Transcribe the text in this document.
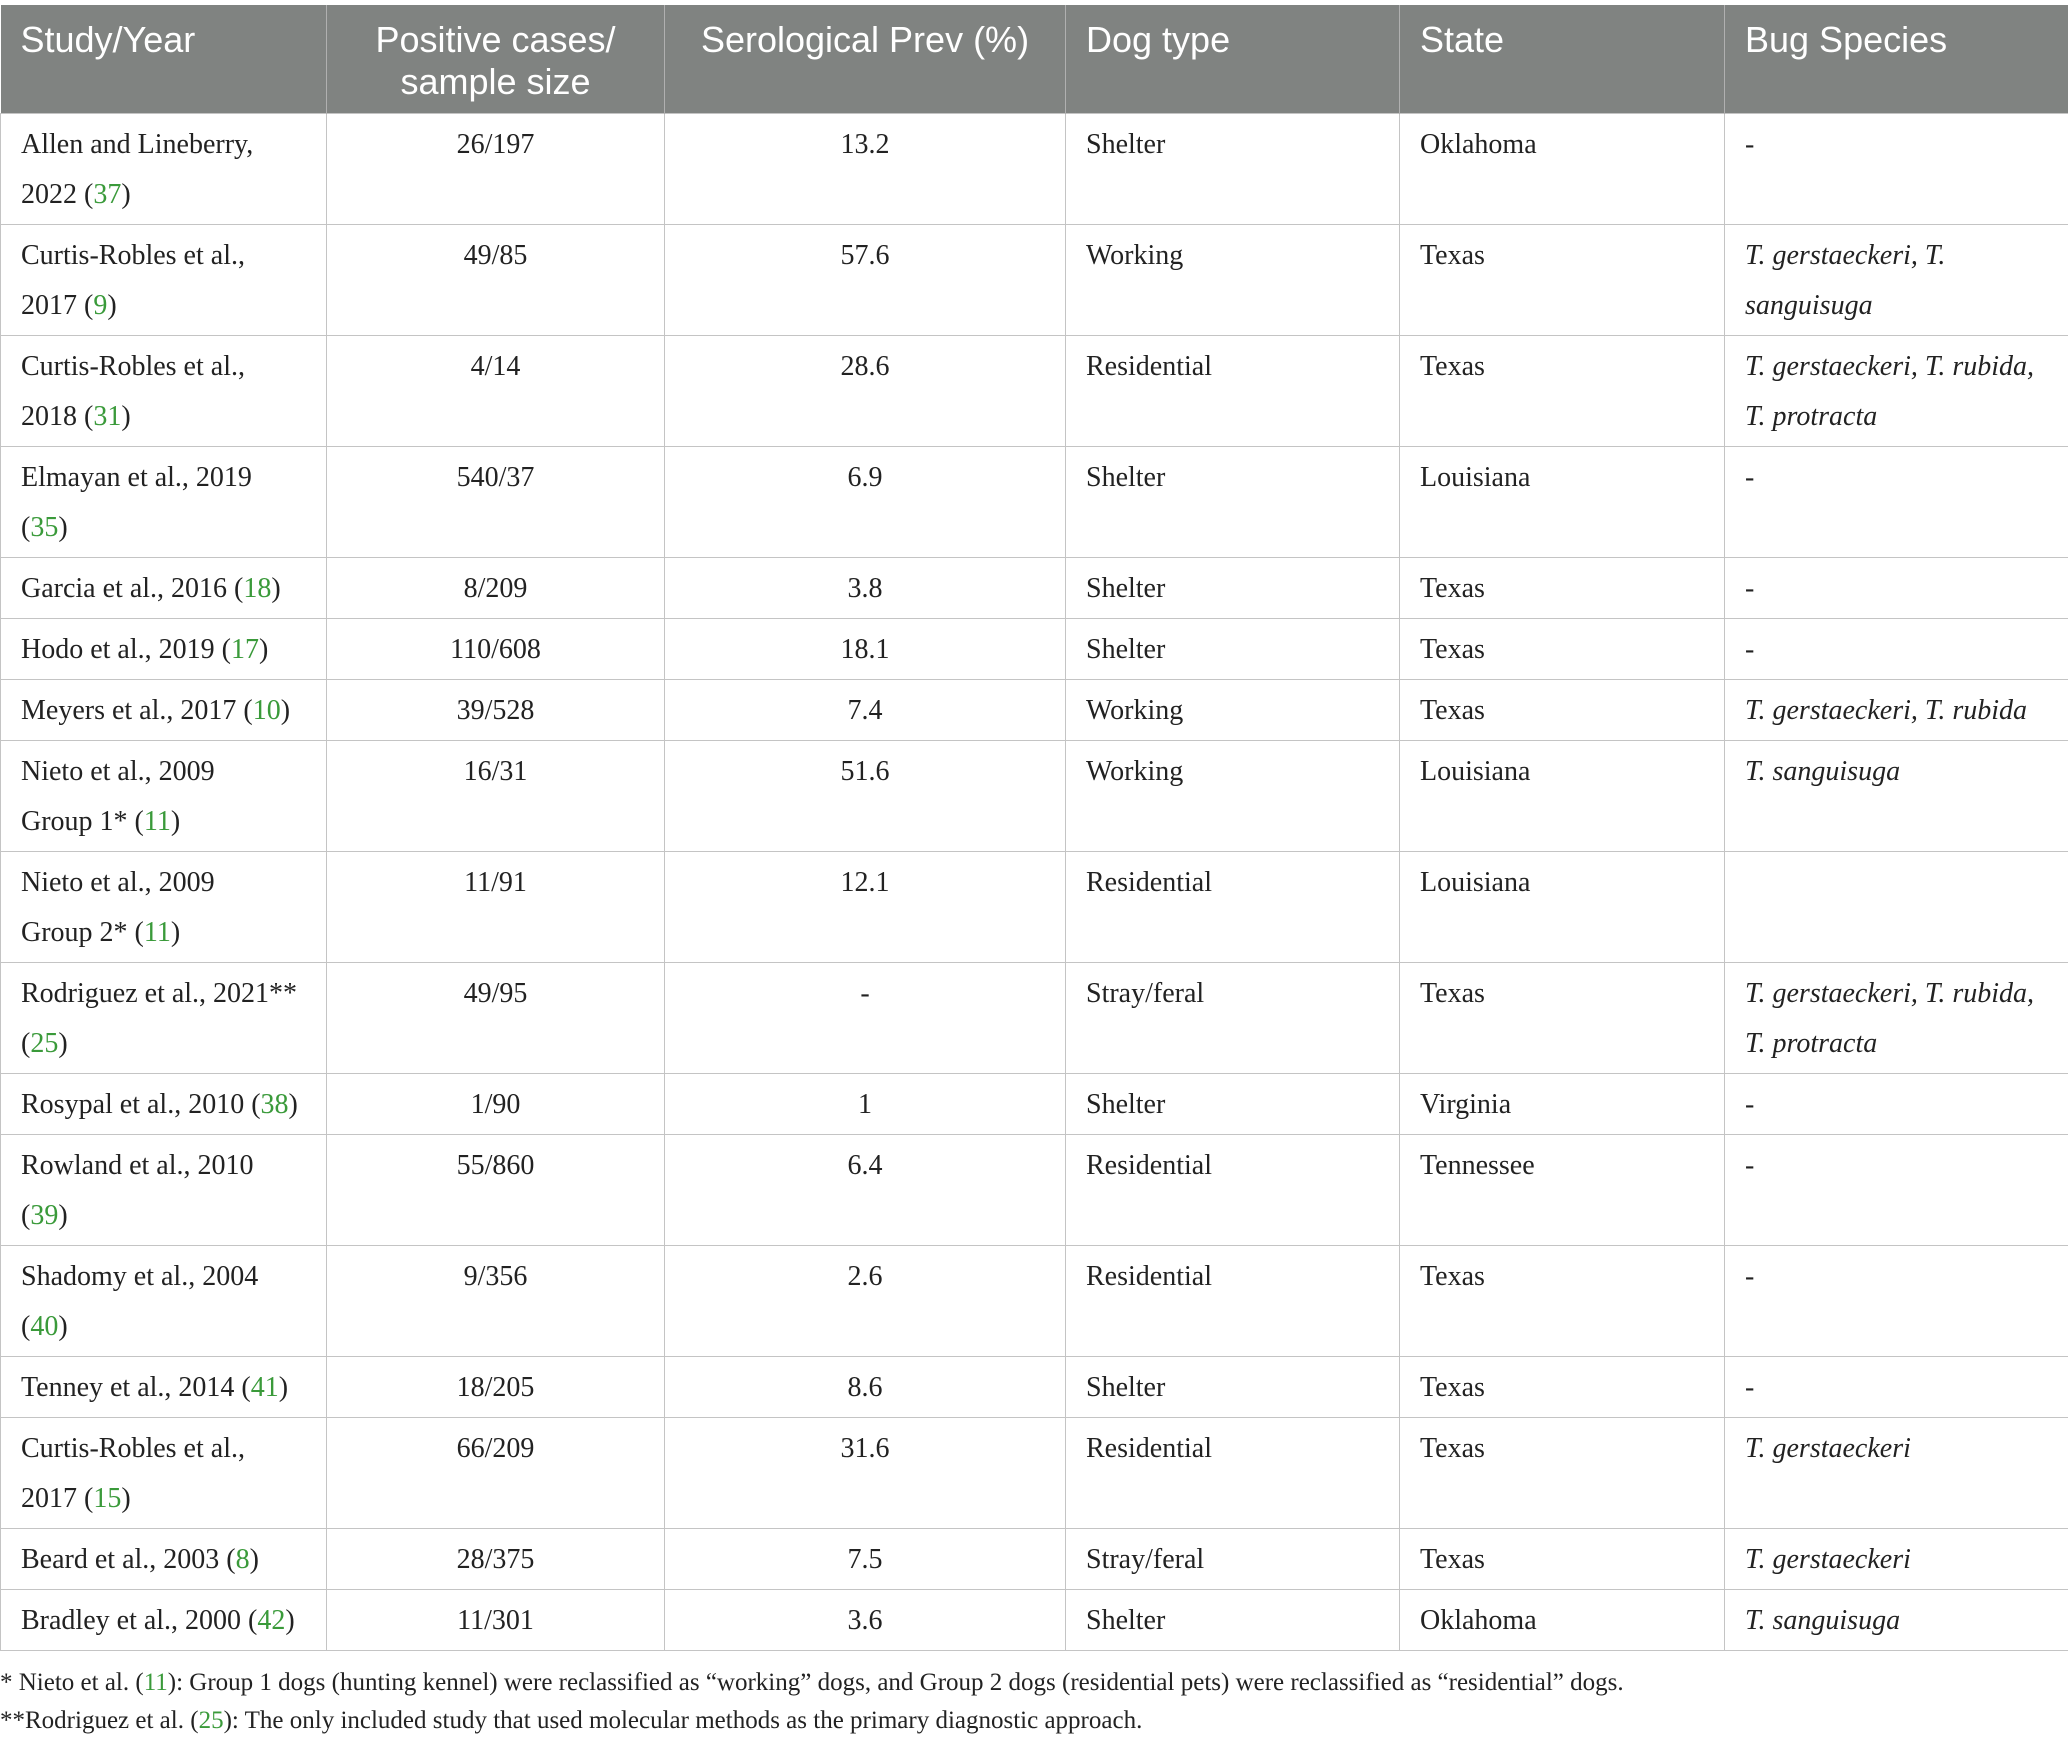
Study/Year	Positive cases/
sample size	Serological Prev (%)	Dog type	State	Bug Species
Allen and Lineberry,
2022 (37)	26/197	13.2	Shelter	Oklahoma	-

Curtis-Robles et al.,
2017 (9)	49/85	57.6	Working	Texas	T. gerstaeckeri, T.
sanguisuga
Curtis-Robles et al.,
2018 (31)	4/14	28.6	Residential	Texas	T. gerstaeckeri, T. rubida,
T. protracta
Elmayan et al., 2019
(35)	540/37	6.9	Shelter	Louisiana	-

Garcia et al., 2016 (18)	8/209	3.8	Shelter	Texas	-
Hodo et al., 2019 (17)	110/608	18.1	Shelter	Texas	-
Meyers et al., 2017 (10)	39/528	7.4	Working	Texas	T. gerstaeckeri, T. rubida
Nieto et al., 2009
Group 1* (11)	16/31	51.6	Working	Louisiana	T. sanguisuga

Nieto et al., 2009
Group 2* (11)	11/91	12.1	Residential	Louisiana	

Rodriguez et al., 2021**
(25)	49/95	-	Stray/feral	Texas	T. gerstaeckeri, T. rubida,
T. protracta
Rosypal et al., 2010 (38)	1/90	1	Shelter	Virginia	-
Rowland et al., 2010
(39)	55/860	6.4	Residential	Tennessee	-

Shadomy et al., 2004
(40)	9/356	2.6	Residential	Texas	-

Tenney et al., 2014 (41)	18/205	8.6	Shelter	Texas	-
Curtis-Robles et al.,
2017 (15)	66/209	31.6	Residential	Texas	T. gerstaeckeri

Beard et al., 2003 (8)	28/375	7.5	Stray/feral	Texas	T. gerstaeckeri
Bradley et al., 2000 (42)	11/301	3.6	Shelter	Oklahoma	T. sanguisuga
* Nieto et al. (11): Group 1 dogs (hunting kennel) were reclassified as “working” dogs, and Group 2 dogs (residential pets) were reclassified as “residential” dogs.
**Rodriguez et al. (25): The only included study that used molecular methods as the primary diagnostic approach.
